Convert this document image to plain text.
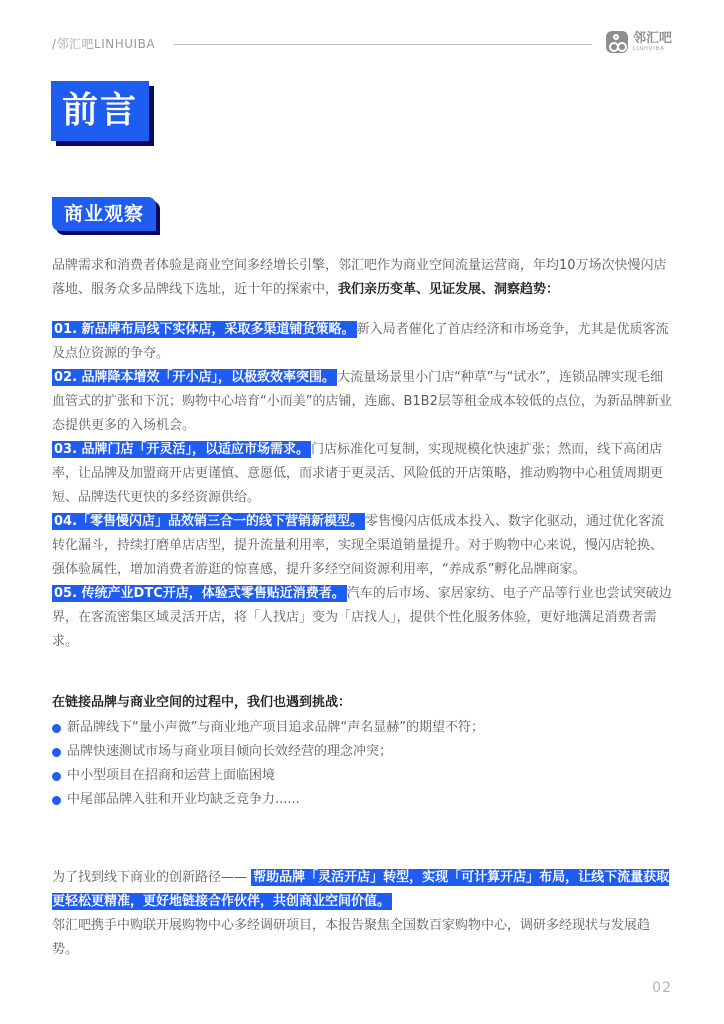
/邻汇吧LINHUIBA	邻汇吧
LINHUIBA
前言
商业观察
品牌需求和消费者体验是商业空间多经增长引擎，邻汇吧作为商业空间流量运营商，年均10万场次快慢闪店落地、服务众多品牌线下选址，近十年的探索中，我们亲历变革、见证发展、洞察趋势：

01. 新品牌布局线下实体店，采取多渠道铺货策略。 新入局者催化了首店经济和市场竞争，尤其是优质客流及点位资源的争夺。

02. 品牌降本增效「开小店」，以极致效率突围。 大流量场景里小门店“种草”与“试水”，连锁品牌实现毛细血管式的扩张和下沉；购物中心培育“小而美”的店铺，连廊、B1B2层等租金成本较低的点位，为新品牌新业态提供更多的入场机会。

03. 品牌门店「开灵活」，以适应市场需求。 门店标准化可复制，实现规模化快速扩张；然而，线下高闭店率，让品牌及加盟商开店更谨慎、意愿低，而求诸于更灵活、风险低的开店策略，推动购物中心租赁周期更短、品牌迭代更快的多经资源供给。

04.「零售慢闪店」品效销三合一的线下营销新模型。 零售慢闪店低成本投入、数字化驱动，通过优化客流转化漏斗，持续打磨单店店型，提升流量利用率，实现全渠道销量提升。对于购物中心来说，慢闪店轮换、强体验属性，增加消费者游逛的惊喜感，提升多经空间资源利用率，“养成系”孵化品牌商家。

05. 传统产业DTC开店，体验式零售贴近消费者。 汽车的后市场、家居家纺、电子产品等行业也尝试突破边界，在客流密集区域灵活开店，将「人找店」变为「店找人」，提供个性化服务体验，更好地满足消费者需求。

在链接品牌与商业空间的过程中，我们也遇到挑战：
新品牌线下“量小声微”与商业地产项目追求品牌“声名显赫”的期望不符；
品牌快速测试市场与商业项目倾向长效经营的理念冲突；
中小型项目在招商和运营上面临困境
中尾部品牌入驻和开业均缺乏竞争力......

为了找到线下商业的创新路径—— 帮助品牌「灵活开店」转型，实现「可计算开店」布局，让线下流量获取更轻松更精准，更好地链接合作伙伴，共创商业空间价值。

邻汇吧携手中购联开展购物中心多经调研项目，本报告聚焦全国数百家购物中心，调研多经现状与发展趋势。

02
